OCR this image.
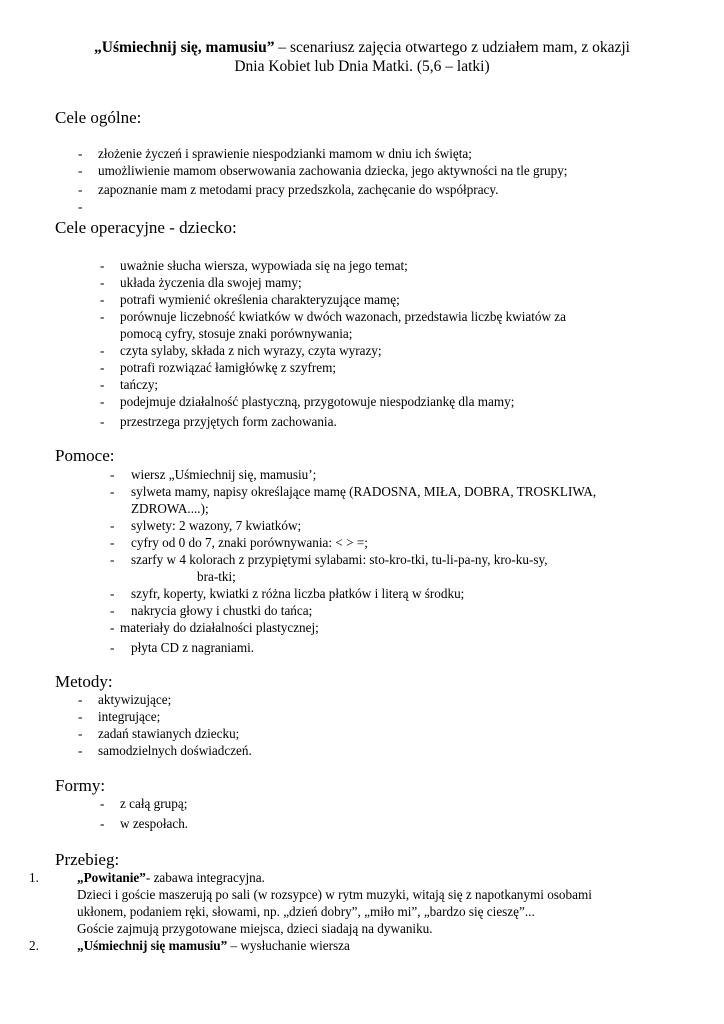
„Uśmiechnij się, mamusiu” – scenariusz zajęcia otwartego z udziałem mam, z okazji
Dnia Kobiet lub Dnia Matki. (5,6 – latki)
Cele ogólne:
- złożenie życzeń i sprawienie niespodzianki mamom w dniu ich święta;
- umożliwienie mamom obserwowania zachowania dziecka, jego aktywności na tle grupy;
- zapoznanie mam z metodami pracy przedszkola, zachęcanie do współpracy.
-
Cele operacyjne - dziecko:
- uważnie słucha wiersza, wypowiada się na jego temat;
- układa życzenia dla swojej mamy;
- potrafi wymienić określenia charakteryzujące mamę;
- porównuje liczebność kwiatków w dwóch wazonach, przedstawia liczbę kwiatów za
pomocą cyfry, stosuje znaki porównywania;
- czyta sylaby, składa z nich wyrazy, czyta wyrazy;
- potrafi rozwiązać łamigłówkę z szyfrem;
- tańczy;
- podejmuje działalność plastyczną, przygotowuje niespodziankę dla mamy;
- przestrzega przyjętych form zachowania.
Pomoce:
- wiersz „Uśmiechnij się, mamusiu’;
- sylweta mamy, napisy określające mamę (RADOSNA, MIŁA, DOBRA, TROSKLIWA,
ZDROWA....);
- sylwety: 2 wazony, 7 kwiatków;
- cyfry od 0 do 7, znaki porównywania: < > =;
- szarfy w 4 kolorach z przypiętymi sylabami: sto-kro-tki, tu-li-pa-ny, kro-ku-sy,
bra-tki;
- szyfr, koperty, kwiatki z różna liczba płatków i literą w środku;
- nakrycia głowy i chustki do tańca;
- materiały do działalności plastycznej;
- płyta CD z nagraniami.
Metody:
- aktywizujące;
- integrujące;
- zadań stawianych dziecku;
- samodzielnych doświadczeń.
Formy:
- z całą grupą;
- w zespołach.
Przebieg:
1.	„Powitanie”- zabawa integracyjna.
Dzieci i goście maszerują po sali (w rozsypce) w rytm muzyki, witają się z napotkanymi osobami
ukłonem, podaniem ręki, słowami, np. „dzień dobry”, „miło mi”, „bardzo się cieszę”...
Goście zajmują przygotowane miejsca, dzieci siadają na dywaniku.
2.	„Uśmiechnij się mamusiu” – wysłuchanie wiersza
